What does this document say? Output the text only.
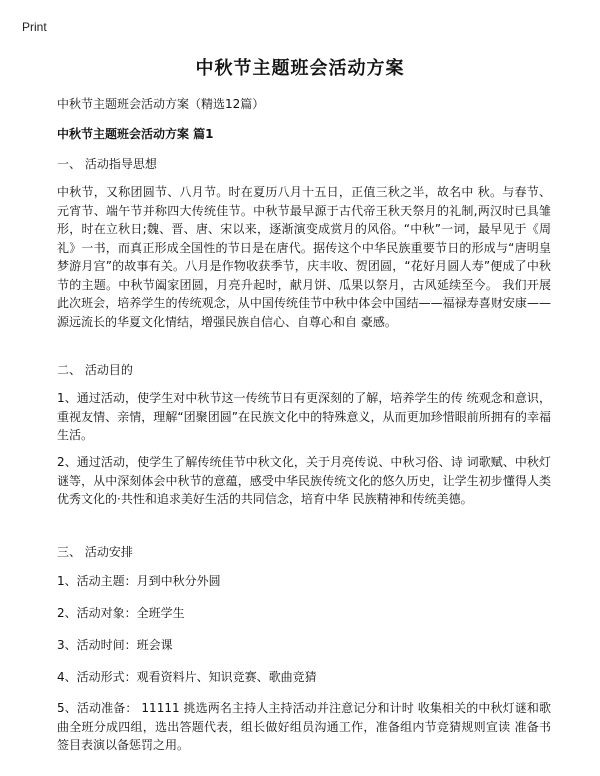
Print
中秋节主题班会活动方案

中秋节主题班会活动方案（精选12篇）

中秋节主题班会活动方案 篇1

一、 活动指导思想

中秋节，又称团圆节、八月节。时在夏历八月十五日，正值三秋之半，故名中 秋。与春节、元宵节、端午节并称四大传统佳节。中秋节最早源于古代帝王秋天祭月的礼制,两汉时已具雏形，时在立秋日;魏、晋、唐、宋以来，逐渐演变成赏月的风俗。“中秋”一词，最早见于《周礼》一书，而真正形成全国性的节日是在唐代。据传这个中华民族重要节日的形成与“唐明皇梦游月宫”的故事有关。八月是作物收获季节，庆丰收、贺团圆，“花好月圆人寿”便成了中秋节的主题。中秋节阖家团圆，月亮升起时，献月饼、瓜果以祭月，古风延续至今。 我们开展此次班会，培养学生的传统观念，从中国传统佳节中秋中体会中国结——福禄寿喜财安康——源远流长的华夏文化情结，增强民族自信心、自尊心和自 豪感。

二、 活动目的

1、通过活动，使学生对中秋节这一传统节日有更深刻的了解，培养学生的传 统观念和意识，重视友情、亲情，理解“团聚团圆”在民族文化中的特殊意义，从而更加珍惜眼前所拥有的幸福生活。

2、通过活动，使学生了解传统佳节中秋文化，关于月亮传说、中秋习俗、诗 词歌赋、中秋灯谜等，从中深刻体会中秋节的意蕴，感受中华民族传统文化的悠久历史，让学生初步懂得人类优秀文化的·共性和追求美好生活的共同信念，培育中华 民族精神和传统美德。

三、 活动安排

1、活动主题：月到中秋分外圆

2、活动对象：全班学生

3、活动时间：班会课

4、活动形式：观看资料片、知识竞赛、歌曲竞猜

5、活动准备： 11111 挑选两名主持人主持活动并注意记分和计时 收集相关的中秋灯谜和歌曲全班分成四组，选出答题代表，组长做好组员沟通工作，准备组内节竞猜规则宣读 准备书签目表演以备惩罚之用。
